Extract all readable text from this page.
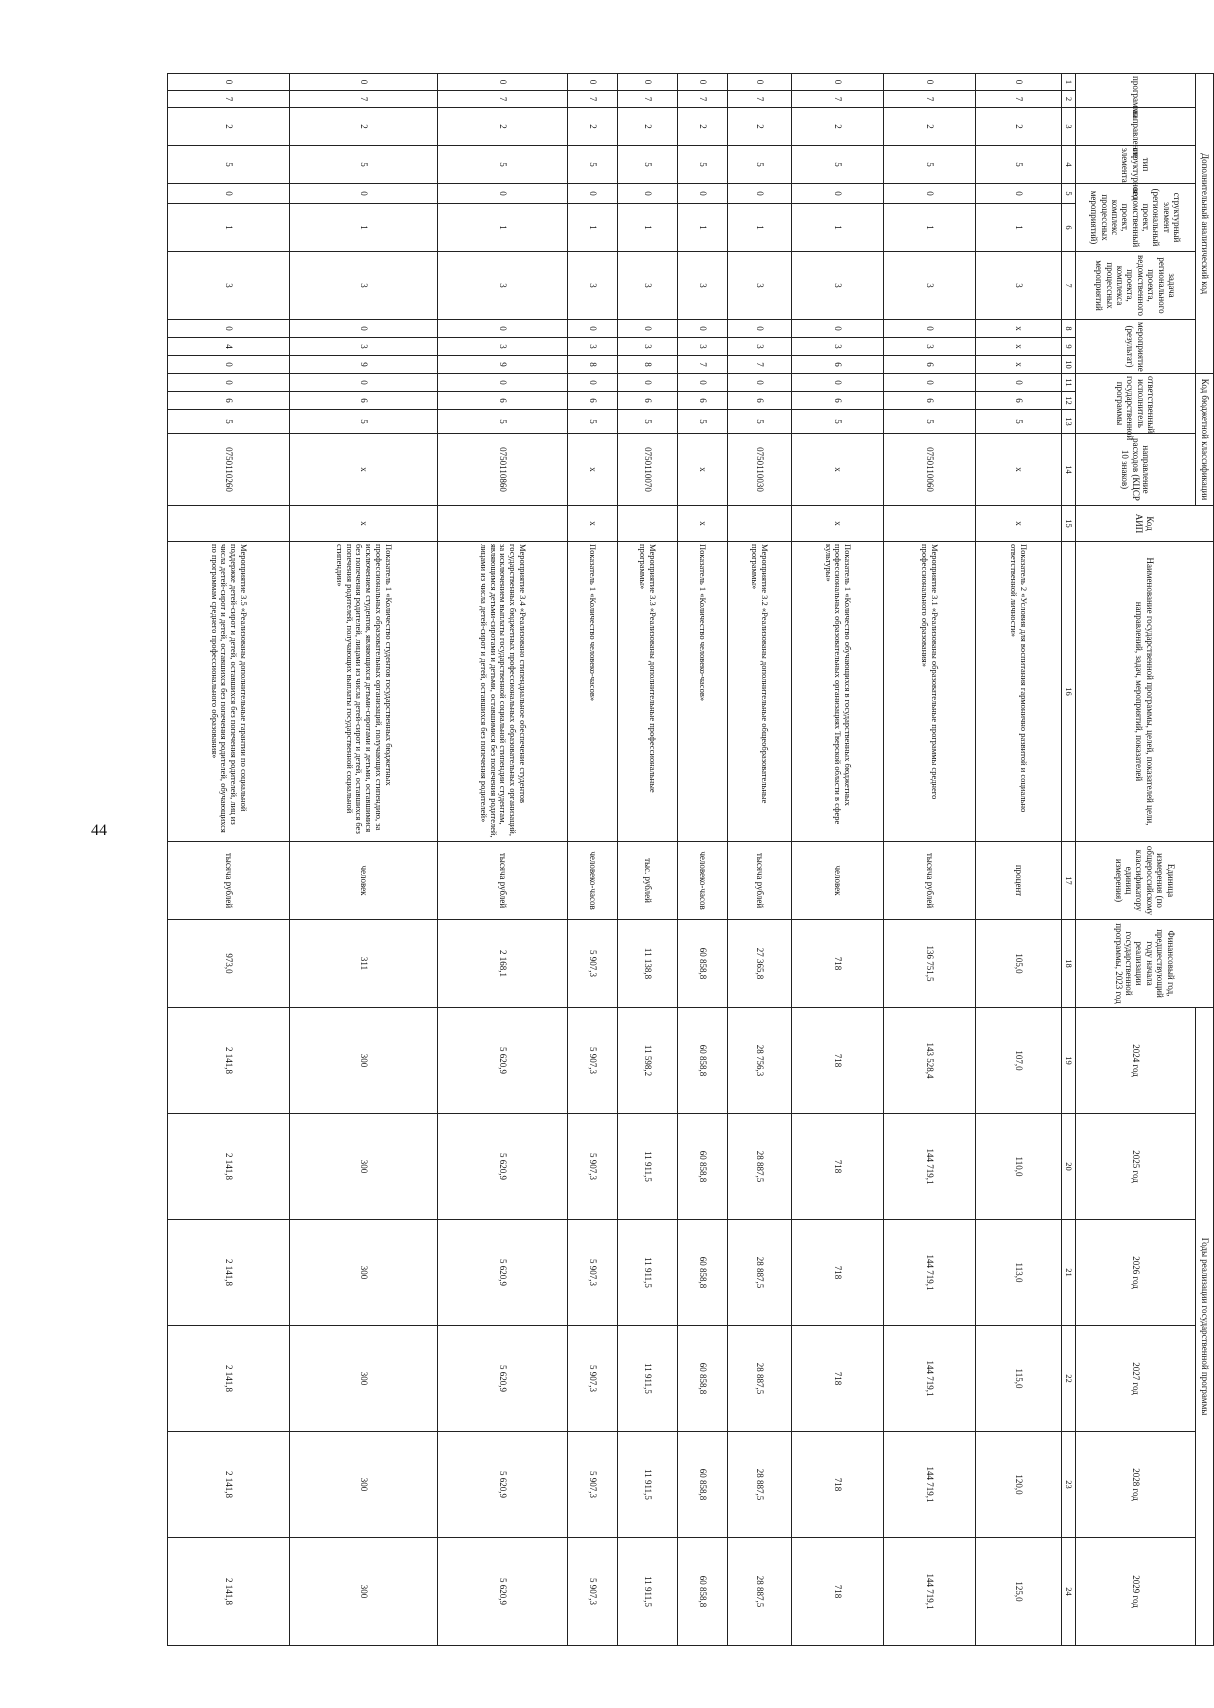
44
Дополнительный аналитический код										Код бюджетной классификации				Код АИП	Наименование государственной программы, целей, показателей цели, направлений, задач, мероприятий, показателей	Единица измерения (по общероссийскому классификатору единиц измерения)	Финансовый год, предшествующий году начала реализации государственной программы, 2023 год	Годы реализации государственной программы					
программа		направление	тип структурного элемента	структурный элемент (региональный проект, ведомственный проект, комплекс процессных мероприятий)		задача регионального проекта, ведомственного проекта, комплекса процессных мероприятий	мероприятие (результат)			ответственный исполнитель государственной программы			направление расходов (КЦСР 10 знаков)					2024 год	2025 год	2026 год	2027 год	2028 год	2029 год
1	2	3	4	5	6	7	8	9	10	11	12	13	14	15	16	17	18	19	20	21	22	23	24
0	7	2	5	0	1	3	x	x	x	0	6	5	x	x	Показатель 2 «Условия для воспитания гармонично развитой и социально ответственной личности»	процент	105,0	107,0	110,0	113,0	115,0	120,0	125,0
0	7	2	5	0	1	3	0	3	6	0	6	5	0750110060		Мероприятие 3.1 «Реализованы образовательные программы среднего профессионального образования»	тысяча рублей	136 751,5	143 528,4	144 719,1	144 719,1	144 719,1	144 719,1	144 719,1
0	7	2	5	0	1	3	0	3	6	0	6	5	x	x	Показатель 1 «Количество обучающихся в государственных бюджетных профессиональных образовательных организациях Тверской области в сфере культуры»	человек	718	718	718	718	718	718	718
0	7	2	5	0	1	3	0	3	7	0	6	5	0750110030		Мероприятие 3.2 «Реализованы дополнительные общеобразовательные программы»	тысяча рублей	27 365,8	28 756,3	28 887,5	28 887,5	28 887,5	28 887,5	28 887,5
0	7	2	5	0	1	3	0	3	7	0	6	5	x	x	Показатель 1 «Количество человеко-часов»	человеко-часов	60 858,8	60 858,8	60 858,8	60 858,8	60 858,8	60 858,8	60 858,8
0	7	2	5	0	1	3	0	3	8	0	6	5	0750110070		Мероприятие 3.3 «Реализованы дополнительные профессиональные программы»	тыс. рублей	11 138,8	11 598,2	11 911,5	11 911,5	11 911,5	11 911,5	11 911,5
0	7	2	5	0	1	3	0	3	8	0	6	5	x	x	Показатель 1 «Количество человеко-часов»	человеко-часов	5 907,3	5 907,3	5 907,3	5 907,3	5 907,3	5 907,3	5 907,3
0	7	2	5	0	1	3	0	3	9	0	6	5	0750110860		Мероприятие 3.4 «Реализовано стипендиальное обеспечение студентов государственных бюджетных профессиональных образовательных организаций, за исключением выплаты государственной социальной стипендии студентам, являющимся детьми-сиротами и детьми, оставшимися без попечения родителей, лицами из числа детей-сирот и детей, оставшихся без попечения родителей»	тысяча рублей	2 168,1	5 620,9	5 620,9	5 620,9	5 620,9	5 620,9	5 620,9
0	7	2	5	0	1	3	0	3	9	0	6	5	x	x	Показатель 1 «Количество студентов государственных бюджетных профессиональных образовательных организаций, получающих стипендию, за исключением студентов, являющихся детьми-сиротами и детьми, оставшимися без попечения родителей, лицами из числа детей-сирот и детей, оставшихся без попечения родителей, получающих выплаты государственной социальной стипендии»	человек	311	300	300	300	300	300	300
0	7	2	5	0	1	3	0	4	0	0	6	5	0750110260		Мероприятие 3.5 «Реализованы дополнительные гарантии по социальной поддержке детей-сирот и детей, оставшихся без попечения родителей, лиц из числа детей-сирот и детей, оставшихся без попечения родителей, обучающихся по программам среднего профессионального образования»	тысяча рублей	973,0	2 141,8	2 141,8	2 141,8	2 141,8	2 141,8	2 141,8
